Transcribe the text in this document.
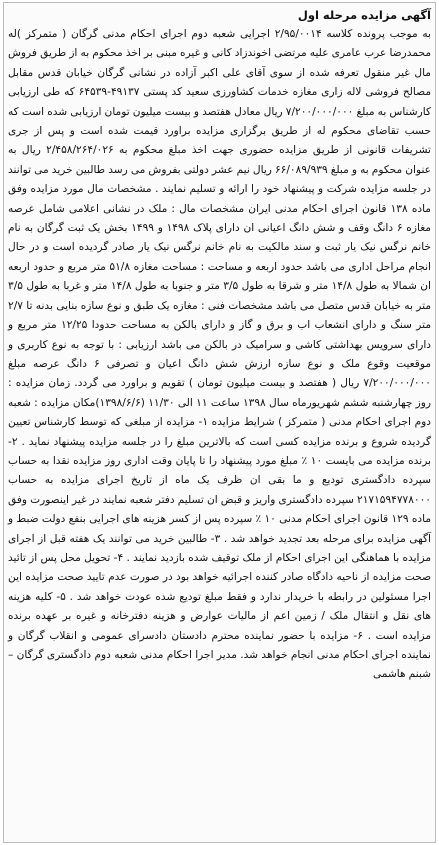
آگهی مزایده مرحله اول

به موجب پرونده کلاسه ۲/۹۵/۰۰۱۴ اجرایی شعبه دوم اجرای احکام مدنی گرگان ( متمرکز )له محمدرضا عرب عامری علیه مرتضی اخوندزاد کانی و غیره مبنی بر اخذ محکوم به از طریق فروش مال غیر منقول تعرفه شده از سوی آقای علی اکبر آزاده در نشانی گرگان خیابان قدس مقابل مصالح فروشی لاله زاری مغازه خدمات کشاورزی سعید کد پستی ۴۹۱۳۷-۶۴۵۳۹ که طی ارزیابی کارشناس به مبلغ ۷/۲۰۰/۰۰۰/۰۰۰ ریال معادل هفتصد و بیست میلیون تومان ارزیابی شده است که حسب تقاضای محکوم له از طریق برگزاری مزایده براورد قیمت شده است و پس از جری تشریفات قانونی از طریق مزایده حضوری جهت اخذ مبلغ محکوم به ۲/۴۵۸/۲۶۴/۰۲۶ ریال به عنوان محکوم به و مبلغ ۶۶/۰۸۹/۹۳۹ ریال نیم عشر دولتی بفروش می رسد طالبین خرید می توانند در جلسه مزایده شرکت و پیشنهاد خود را ارائه و تسلیم نمایند . مشخصات مال مورد مزایده وفق ماده ۱۳۸ قانون اجرای احکام مدنی ایران مشخصات مال : ملک در نشانی اعلامی شامل عرصه مغازه ۶ دانگ وقف و شش دانگ اعیانی ان دارای پلاک ۱۴۹۸ و ۱۴۹۹ بخش یک ثبت گرگان به نام خانم نرگس نیک یار ثبت و سند مالکیت به نام خانم نرگس نیک یار صادر گردیده است و در حال انجام مراحل اداری می باشد حدود اربعه و مساحت : مساحت مغازه ۵۱/۸ متر مربع و حدود اربعه ان شمالا به طول ۱۴/۸ متر و شرقا به طول ۳/۵ متر و جنوبا به طول ۱۴/۸ متر و غربا به طول ۳/۵ متر به خیابان قدس متصل می باشد مشخصات فنی : مغازه یک طبق و نوع سازه بنایی بدنه تا ۲/۷ متر سنگ و دارای انشعاب اب و برق و گاز و دارای بالکن به مساحت حدودا ۱۲/۲۵ متر مربع و دارای سرویس بهداشتی کاشی و سرامیک در بالکن می باشد ارزیابی : با توجه به نوع کاربری و موقعیت وقوع ملک و نوع سازه ارزش شش دانگ اعیان و تصرفی ۶ دانگ عرصه مبلغ ۷/۲۰۰/۰۰۰/۰۰۰ ریال ( هفتصد و بیست میلیون تومان ) تقویم و براورد می گردد. زمان مزایده : روز چهارشنبه ششم شهریورماه سال ۱۳۹۸ ساعت ۱۱ الی ۱۱/۳۰ (۱۳۹۸/۶/۶)مکان مزایده : شعبه دوم اجرای احکام مدنی ( متمرکز ) شرایط مزایده ۱- مزایده از مبلغی که توسط کارشناس تعیین گردیده شروع و برنده مزایده کسی است که بالاترین مبلغ را در جلسه مزایده پیشنهاد نماید . ۲- برنده مزایده می بایست ۱۰ ٪ مبلغ مورد پیشنهاد را تا پایان وقت اداری روز مزایده نقدا به حساب سپرده دادگستری تودیع و ما بقی ان ظرف یک ماه از تاریخ اجرای مزایده به حساب ۲۱۷۱۵۹۴۷۷۸۰۰۰ سپرده دادگستری واریز و قبض ان تسلیم دفتر شعبه نمایند در غیر اینصورت وفق ماده ۱۲۹ قانون اجرای احکام مدنی ۱۰ ٪ سپرده پس از کسر هزینه های اجرایی بنفع دولت ضبط و آگهی مزایده برای مرحله بعد تجدید خواهد شد . ۳- طالبین خرید می توانند یک هفته قبل از اجرای مزایده با هماهنگی این اجرای احکام از ملک توقیف شده بازدید نمایند . ۴- تحویل محل پس از تائید صحت مزایده از ناحیه دادگاه صادر کننده اجرائیه خواهد بود در صورت عدم تایید صحت مزایده این اجرا مسئولین در رابطه با خریدار ندارد و فقط مبلغ تودیع شده عودت خواهد شد . ۵- کلیه هزینه های نقل و انتقال ملک / زمین اعم از مالیات عوارض و هزینه دفترخانه و غیره بر عهده برنده مزایده است . ۶- مزایده با حضور نماینده محترم دادستان دادسرای عمومی و انقلاب گرگان و نماینده اجرای احکام مدنی انجام خواهد شد. مدیر اجرا احکام مدنی شعبه دوم دادگستری گرگان – شبنم هاشمی
